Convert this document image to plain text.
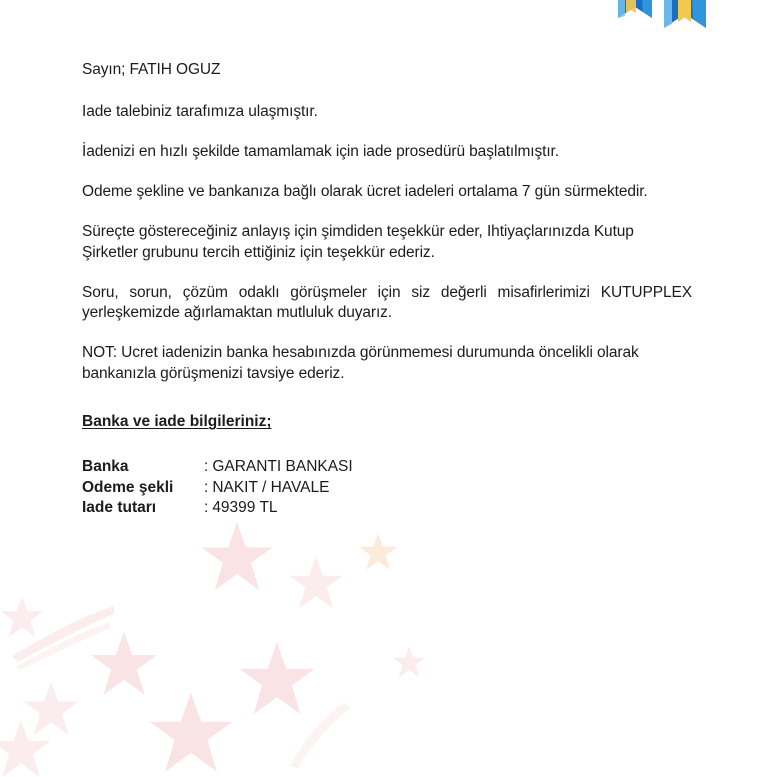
Sayın; FATIH OGUZ

Iade talebiniz tarafımıza ulaşmıştır.

İadenizi en hızlı şekilde tamamlamak için iade prosedürü başlatılmıştır.

Odeme şekline ve bankanıza bağlı olarak ücret iadeleri ortalama 7 gün sürmektedir.

Süreçte göstereceğiniz anlayış için şimdiden teşekkür eder, Ihtiyaçlarınızda Kutup Şirketler grubunu tercih ettiğiniz için teşekkür ederiz.

Soru, sorun, çözüm odaklı görüşmeler için siz değerli misafirlerimizi KUTUPPLEX yerleşkemizde ağırlamaktan mutluluk duyarız.

NOT: Ucret iadenizin banka hesabınızda görünmemesi durumunda öncelikli olarak bankanızla görüşmenizi tavsiye ederiz.

Banka ve iade bilgileriniz;
Banka	:	GARANTI BANKASI
Odeme şekli	:	NAKIT / HAVALE
Iade tutarı	:	49399 TL
